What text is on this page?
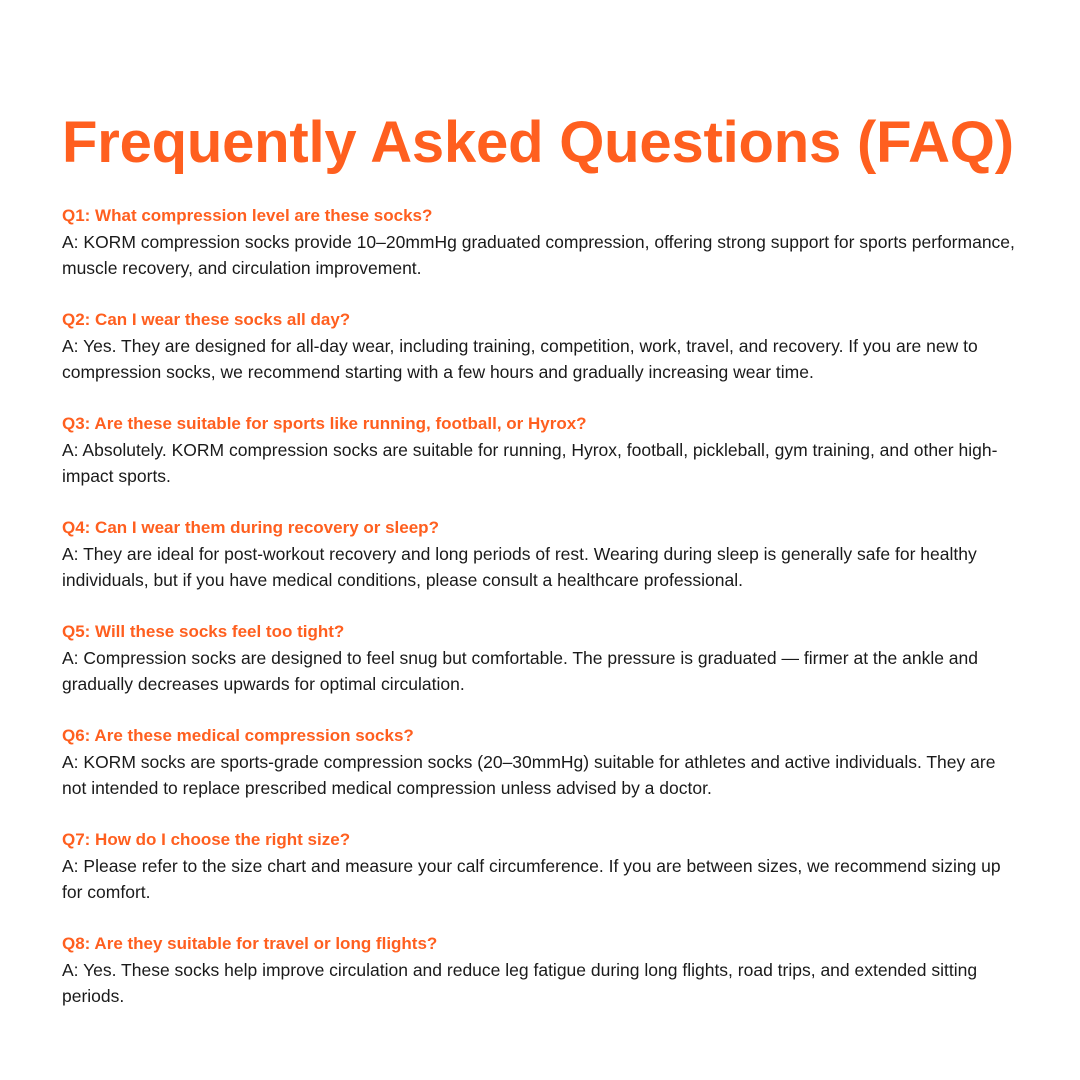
Frequently Asked Questions (FAQ)

Q1: What compression level are these socks?

A: KORM compression socks provide 10–20mmHg graduated compression, offering strong support for sports performance, muscle recovery, and circulation improvement.

Q2: Can I wear these socks all day?

A: Yes. They are designed for all-day wear, including training, competition, work, travel, and recovery. If you are new to compression socks, we recommend starting with a few hours and gradually increasing wear time.

Q3: Are these suitable for sports like running, football, or Hyrox?

A: Absolutely. KORM compression socks are suitable for running, Hyrox, football, pickleball, gym training, and other high-impact sports.

Q4: Can I wear them during recovery or sleep?

A: They are ideal for post-workout recovery and long periods of rest. Wearing during sleep is generally safe for healthy individuals, but if you have medical conditions, please consult a healthcare professional.

Q5: Will these socks feel too tight?

A: Compression socks are designed to feel snug but comfortable. The pressure is graduated — firmer at the ankle and gradually decreases upwards for optimal circulation.

Q6: Are these medical compression socks?

A: KORM socks are sports-grade compression socks (20–30mmHg) suitable for athletes and active individuals. They are not intended to replace prescribed medical compression unless advised by a doctor.

Q7: How do I choose the right size?

A: Please refer to the size chart and measure your calf circumference. If you are between sizes, we recommend sizing up for comfort.

Q8: Are they suitable for travel or long flights?

A: Yes. These socks help improve circulation and reduce leg fatigue during long flights, road trips, and extended sitting periods.
